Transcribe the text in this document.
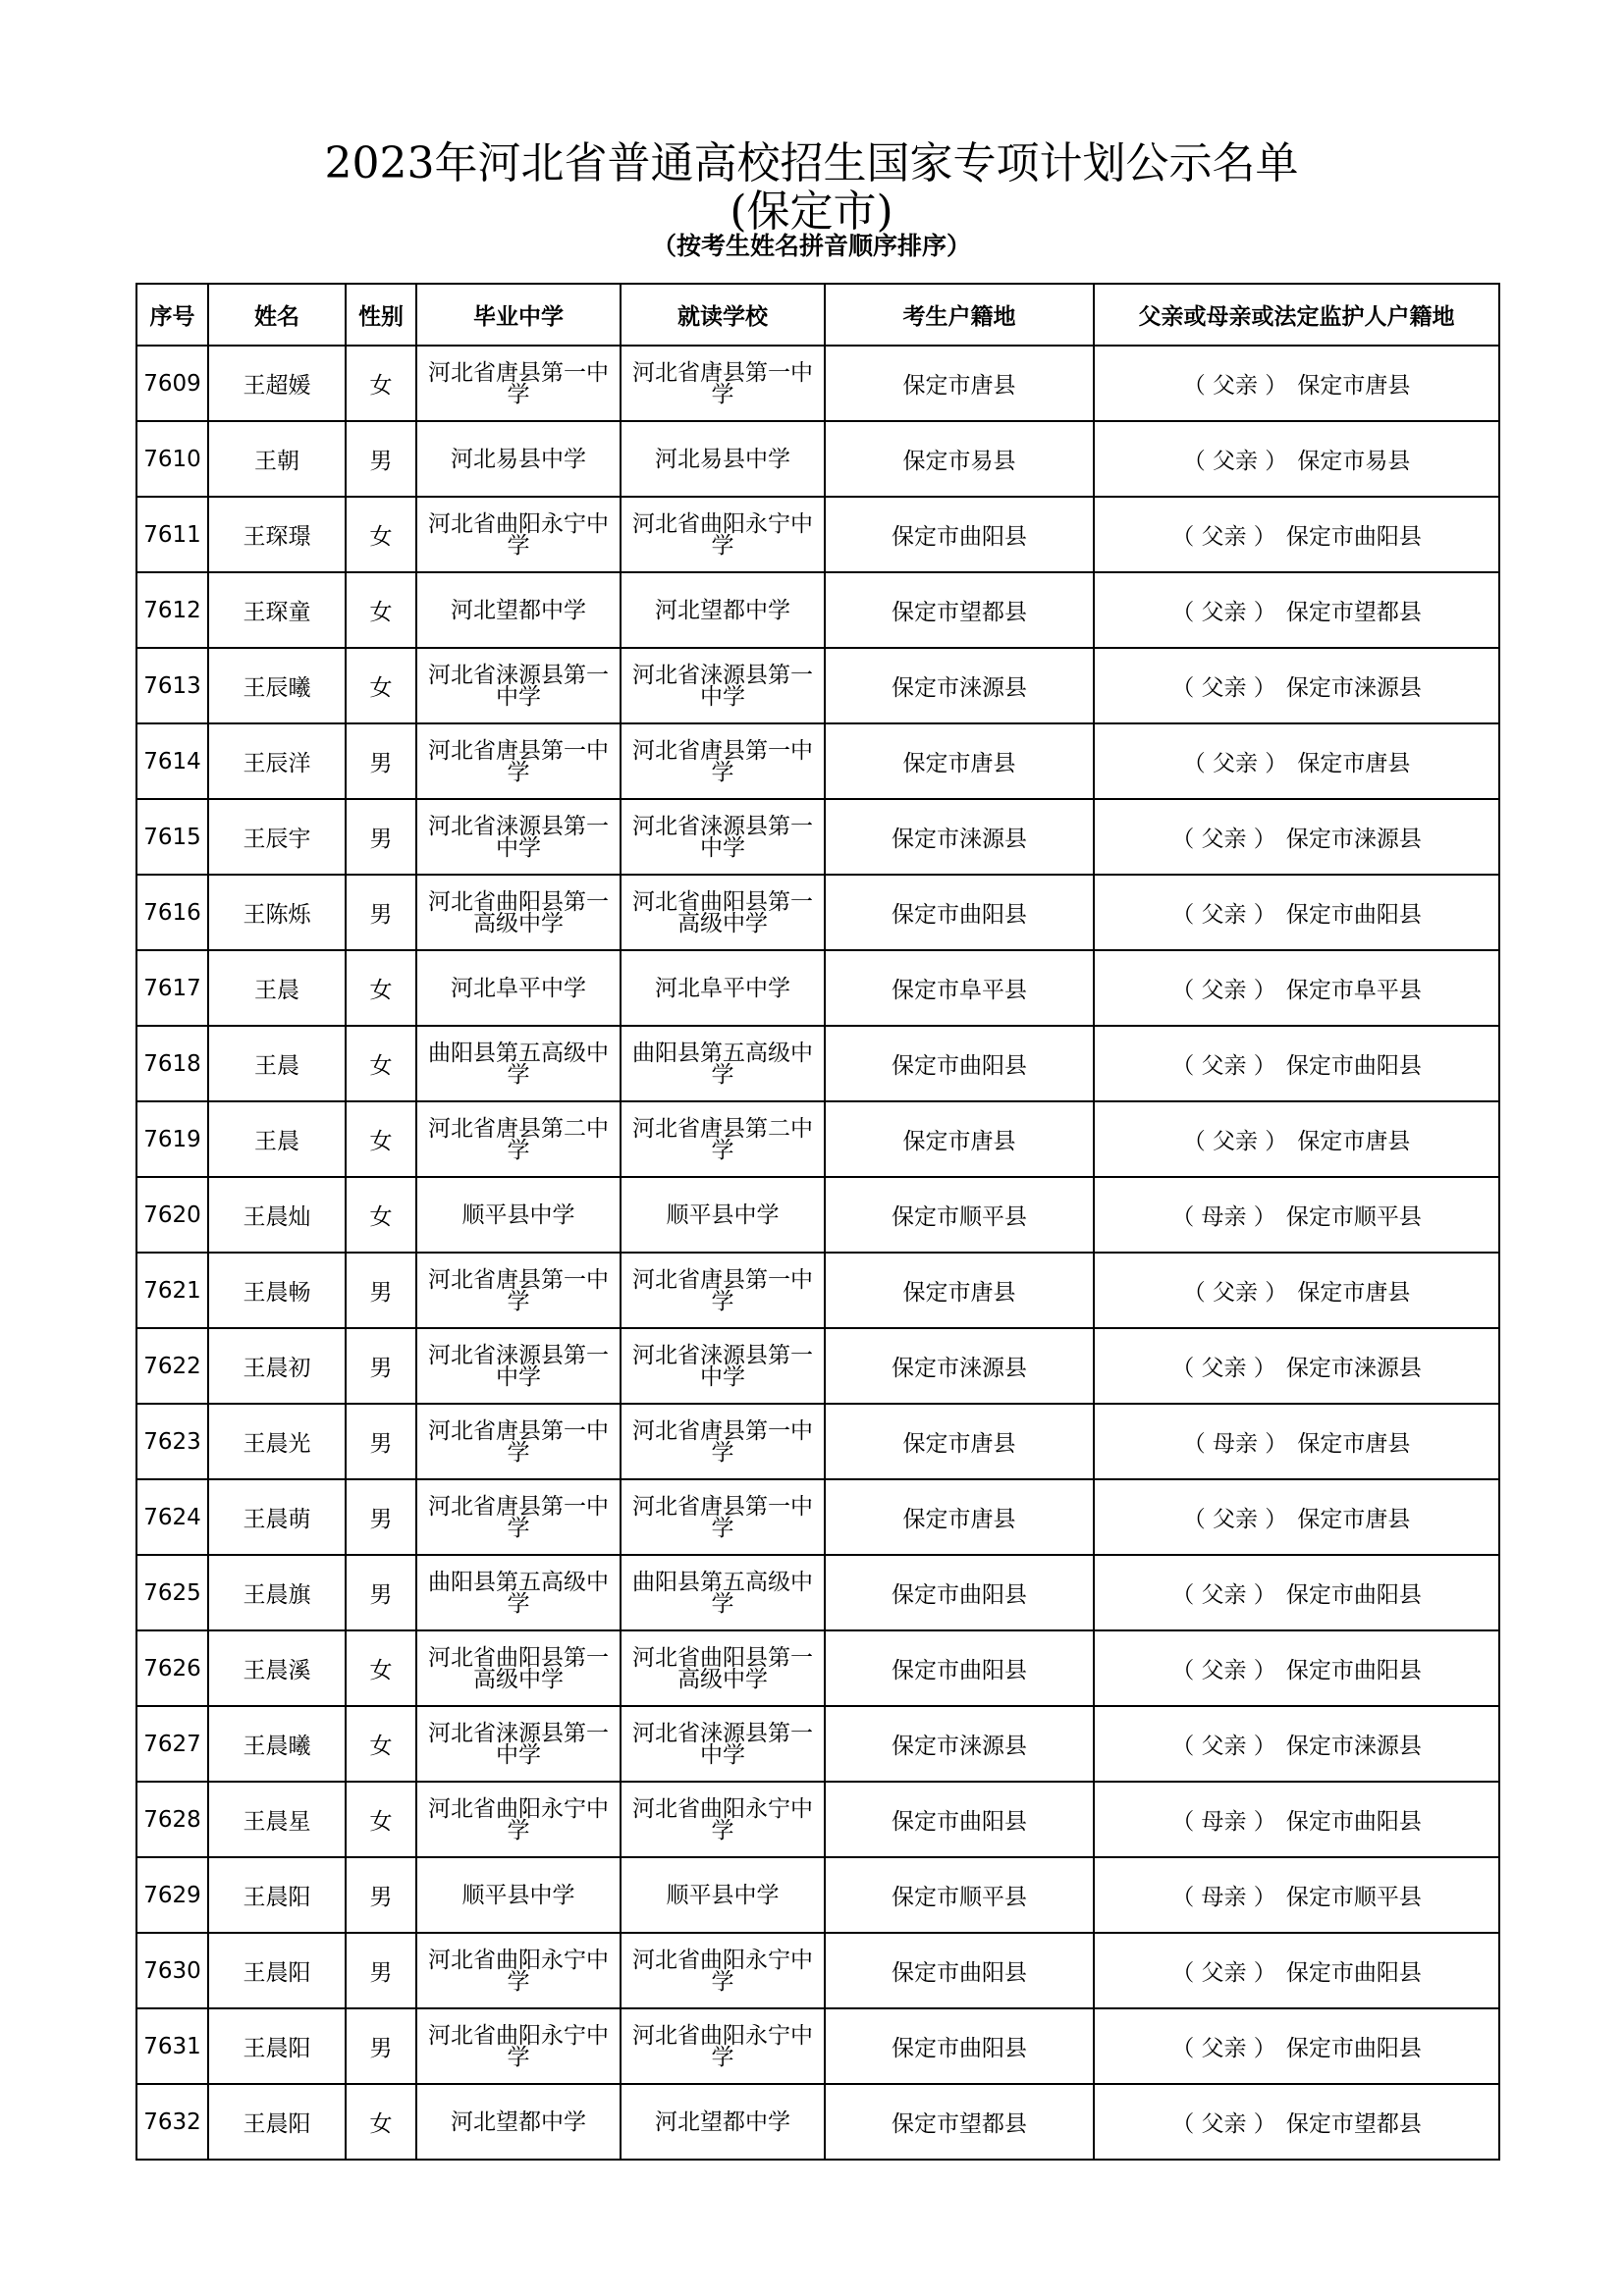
2023年河北省普通高校招生国家专项计划公示名单
(保定市)
（按考生姓名拼音顺序排序）
序号	姓名	性别	毕业中学	就读学校	考生户籍地	父亲或母亲或法定监护人户籍地
7609	王超媛	女	河北省唐县第一中学	河北省唐县第一中学	保定市唐县	（ 父亲 ） 保定市唐县
7610	王朝	男	河北易县中学	河北易县中学	保定市易县	（ 父亲 ） 保定市易县
7611	王琛璟	女	河北省曲阳永宁中学	河北省曲阳永宁中学	保定市曲阳县	（ 父亲 ） 保定市曲阳县
7612	王琛童	女	河北望都中学	河北望都中学	保定市望都县	（ 父亲 ） 保定市望都县
7613	王辰曦	女	河北省涞源县第一中学	河北省涞源县第一中学	保定市涞源县	（ 父亲 ） 保定市涞源县
7614	王辰洋	男	河北省唐县第一中学	河北省唐县第一中学	保定市唐县	（ 父亲 ） 保定市唐县
7615	王辰宇	男	河北省涞源县第一中学	河北省涞源县第一中学	保定市涞源县	（ 父亲 ） 保定市涞源县
7616	王陈烁	男	河北省曲阳县第一高级中学	河北省曲阳县第一高级中学	保定市曲阳县	（ 父亲 ） 保定市曲阳县
7617	王晨	女	河北阜平中学	河北阜平中学	保定市阜平县	（ 父亲 ） 保定市阜平县
7618	王晨	女	曲阳县第五高级中学	曲阳县第五高级中学	保定市曲阳县	（ 父亲 ） 保定市曲阳县
7619	王晨	女	河北省唐县第二中学	河北省唐县第二中学	保定市唐县	（ 父亲 ） 保定市唐县
7620	王晨灿	女	顺平县中学	顺平县中学	保定市顺平县	（ 母亲 ） 保定市顺平县
7621	王晨畅	男	河北省唐县第一中学	河北省唐县第一中学	保定市唐县	（ 父亲 ） 保定市唐县
7622	王晨初	男	河北省涞源县第一中学	河北省涞源县第一中学	保定市涞源县	（ 父亲 ） 保定市涞源县
7623	王晨光	男	河北省唐县第一中学	河北省唐县第一中学	保定市唐县	（ 母亲 ） 保定市唐县
7624	王晨萌	男	河北省唐县第一中学	河北省唐县第一中学	保定市唐县	（ 父亲 ） 保定市唐县
7625	王晨旗	男	曲阳县第五高级中学	曲阳县第五高级中学	保定市曲阳县	（ 父亲 ） 保定市曲阳县
7626	王晨溪	女	河北省曲阳县第一高级中学	河北省曲阳县第一高级中学	保定市曲阳县	（ 父亲 ） 保定市曲阳县
7627	王晨曦	女	河北省涞源县第一中学	河北省涞源县第一中学	保定市涞源县	（ 父亲 ） 保定市涞源县
7628	王晨星	女	河北省曲阳永宁中学	河北省曲阳永宁中学	保定市曲阳县	（ 母亲 ） 保定市曲阳县
7629	王晨阳	男	顺平县中学	顺平县中学	保定市顺平县	（ 母亲 ） 保定市顺平县
7630	王晨阳	男	河北省曲阳永宁中学	河北省曲阳永宁中学	保定市曲阳县	（ 父亲 ） 保定市曲阳县
7631	王晨阳	男	河北省曲阳永宁中学	河北省曲阳永宁中学	保定市曲阳县	（ 父亲 ） 保定市曲阳县
7632	王晨阳	女	河北望都中学	河北望都中学	保定市望都县	（ 父亲 ） 保定市望都县
